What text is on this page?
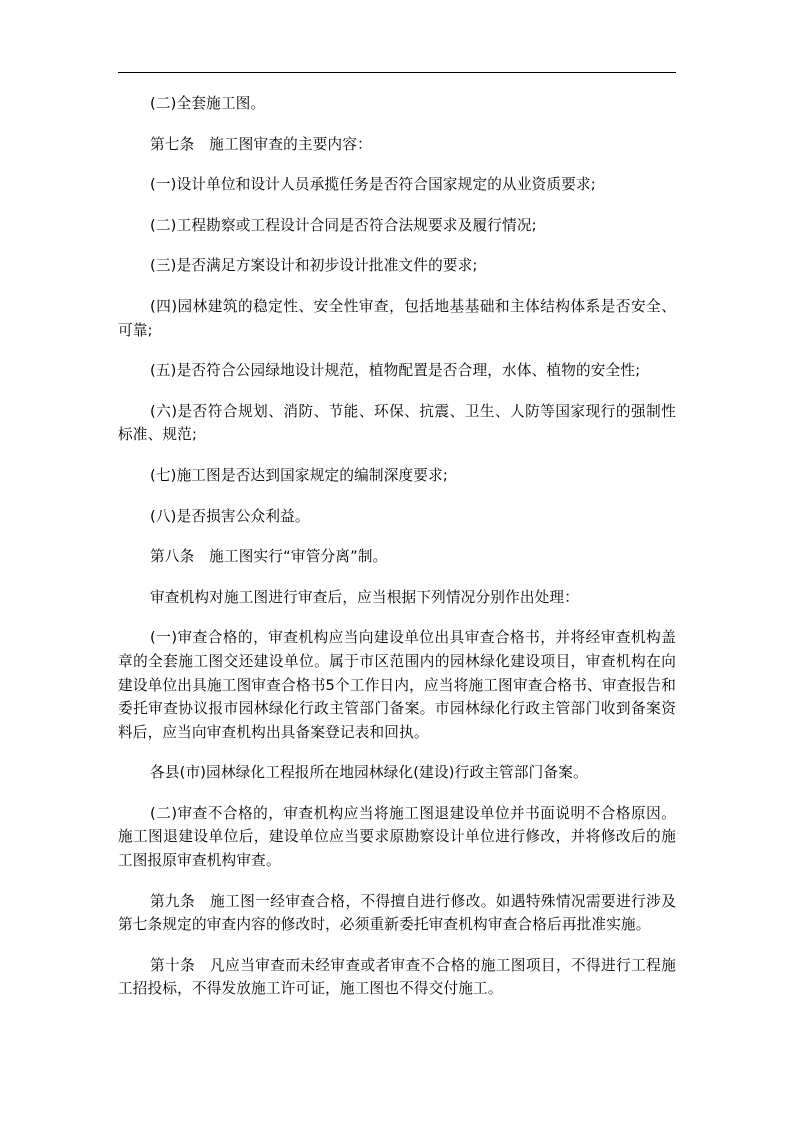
(二)全套施工图。

第七条　施工图审查的主要内容：

(一)设计单位和设计人员承揽任务是否符合国家规定的从业资质要求;

(二)工程勘察或工程设计合同是否符合法规要求及履行情况;

(三)是否满足方案设计和初步设计批准文件的要求;

(四)园林建筑的稳定性、安全性审查，包括地基基础和主体结构体系是否安全、可靠;

(五)是否符合公园绿地设计规范，植物配置是否合理，水体、植物的安全性;

(六)是否符合规划、消防、节能、环保、抗震、卫生、人防等国家现行的强制性标准、规范;

(七)施工图是否达到国家规定的编制深度要求;

(八)是否损害公众利益。

第八条　施工图实行“审管分离”制。

审查机构对施工图进行审查后，应当根据下列情况分别作出处理：

(一)审查合格的，审查机构应当向建设单位出具审查合格书，并将经审查机构盖章的全套施工图交还建设单位。属于市区范围内的园林绿化建设项目，审查机构在向建设单位出具施工图审查合格书5个工作日内，应当将施工图审查合格书、审查报告和委托审查协议报市园林绿化行政主管部门备案。市园林绿化行政主管部门收到备案资料后，应当向审查机构出具备案登记表和回执。

各县(市)园林绿化工程报所在地园林绿化(建设)行政主管部门备案。

(二)审查不合格的，审查机构应当将施工图退建设单位并书面说明不合格原因。施工图退建设单位后，建设单位应当要求原勘察设计单位进行修改，并将修改后的施工图报原审查机构审查。

第九条　施工图一经审查合格，不得擅自进行修改。如遇特殊情况需要进行涉及第七条规定的审查内容的修改时，必须重新委托审查机构审查合格后再批准实施。

第十条　凡应当审查而未经审查或者审查不合格的施工图项目，不得进行工程施工招投标，不得发放施工许可证，施工图也不得交付施工。
